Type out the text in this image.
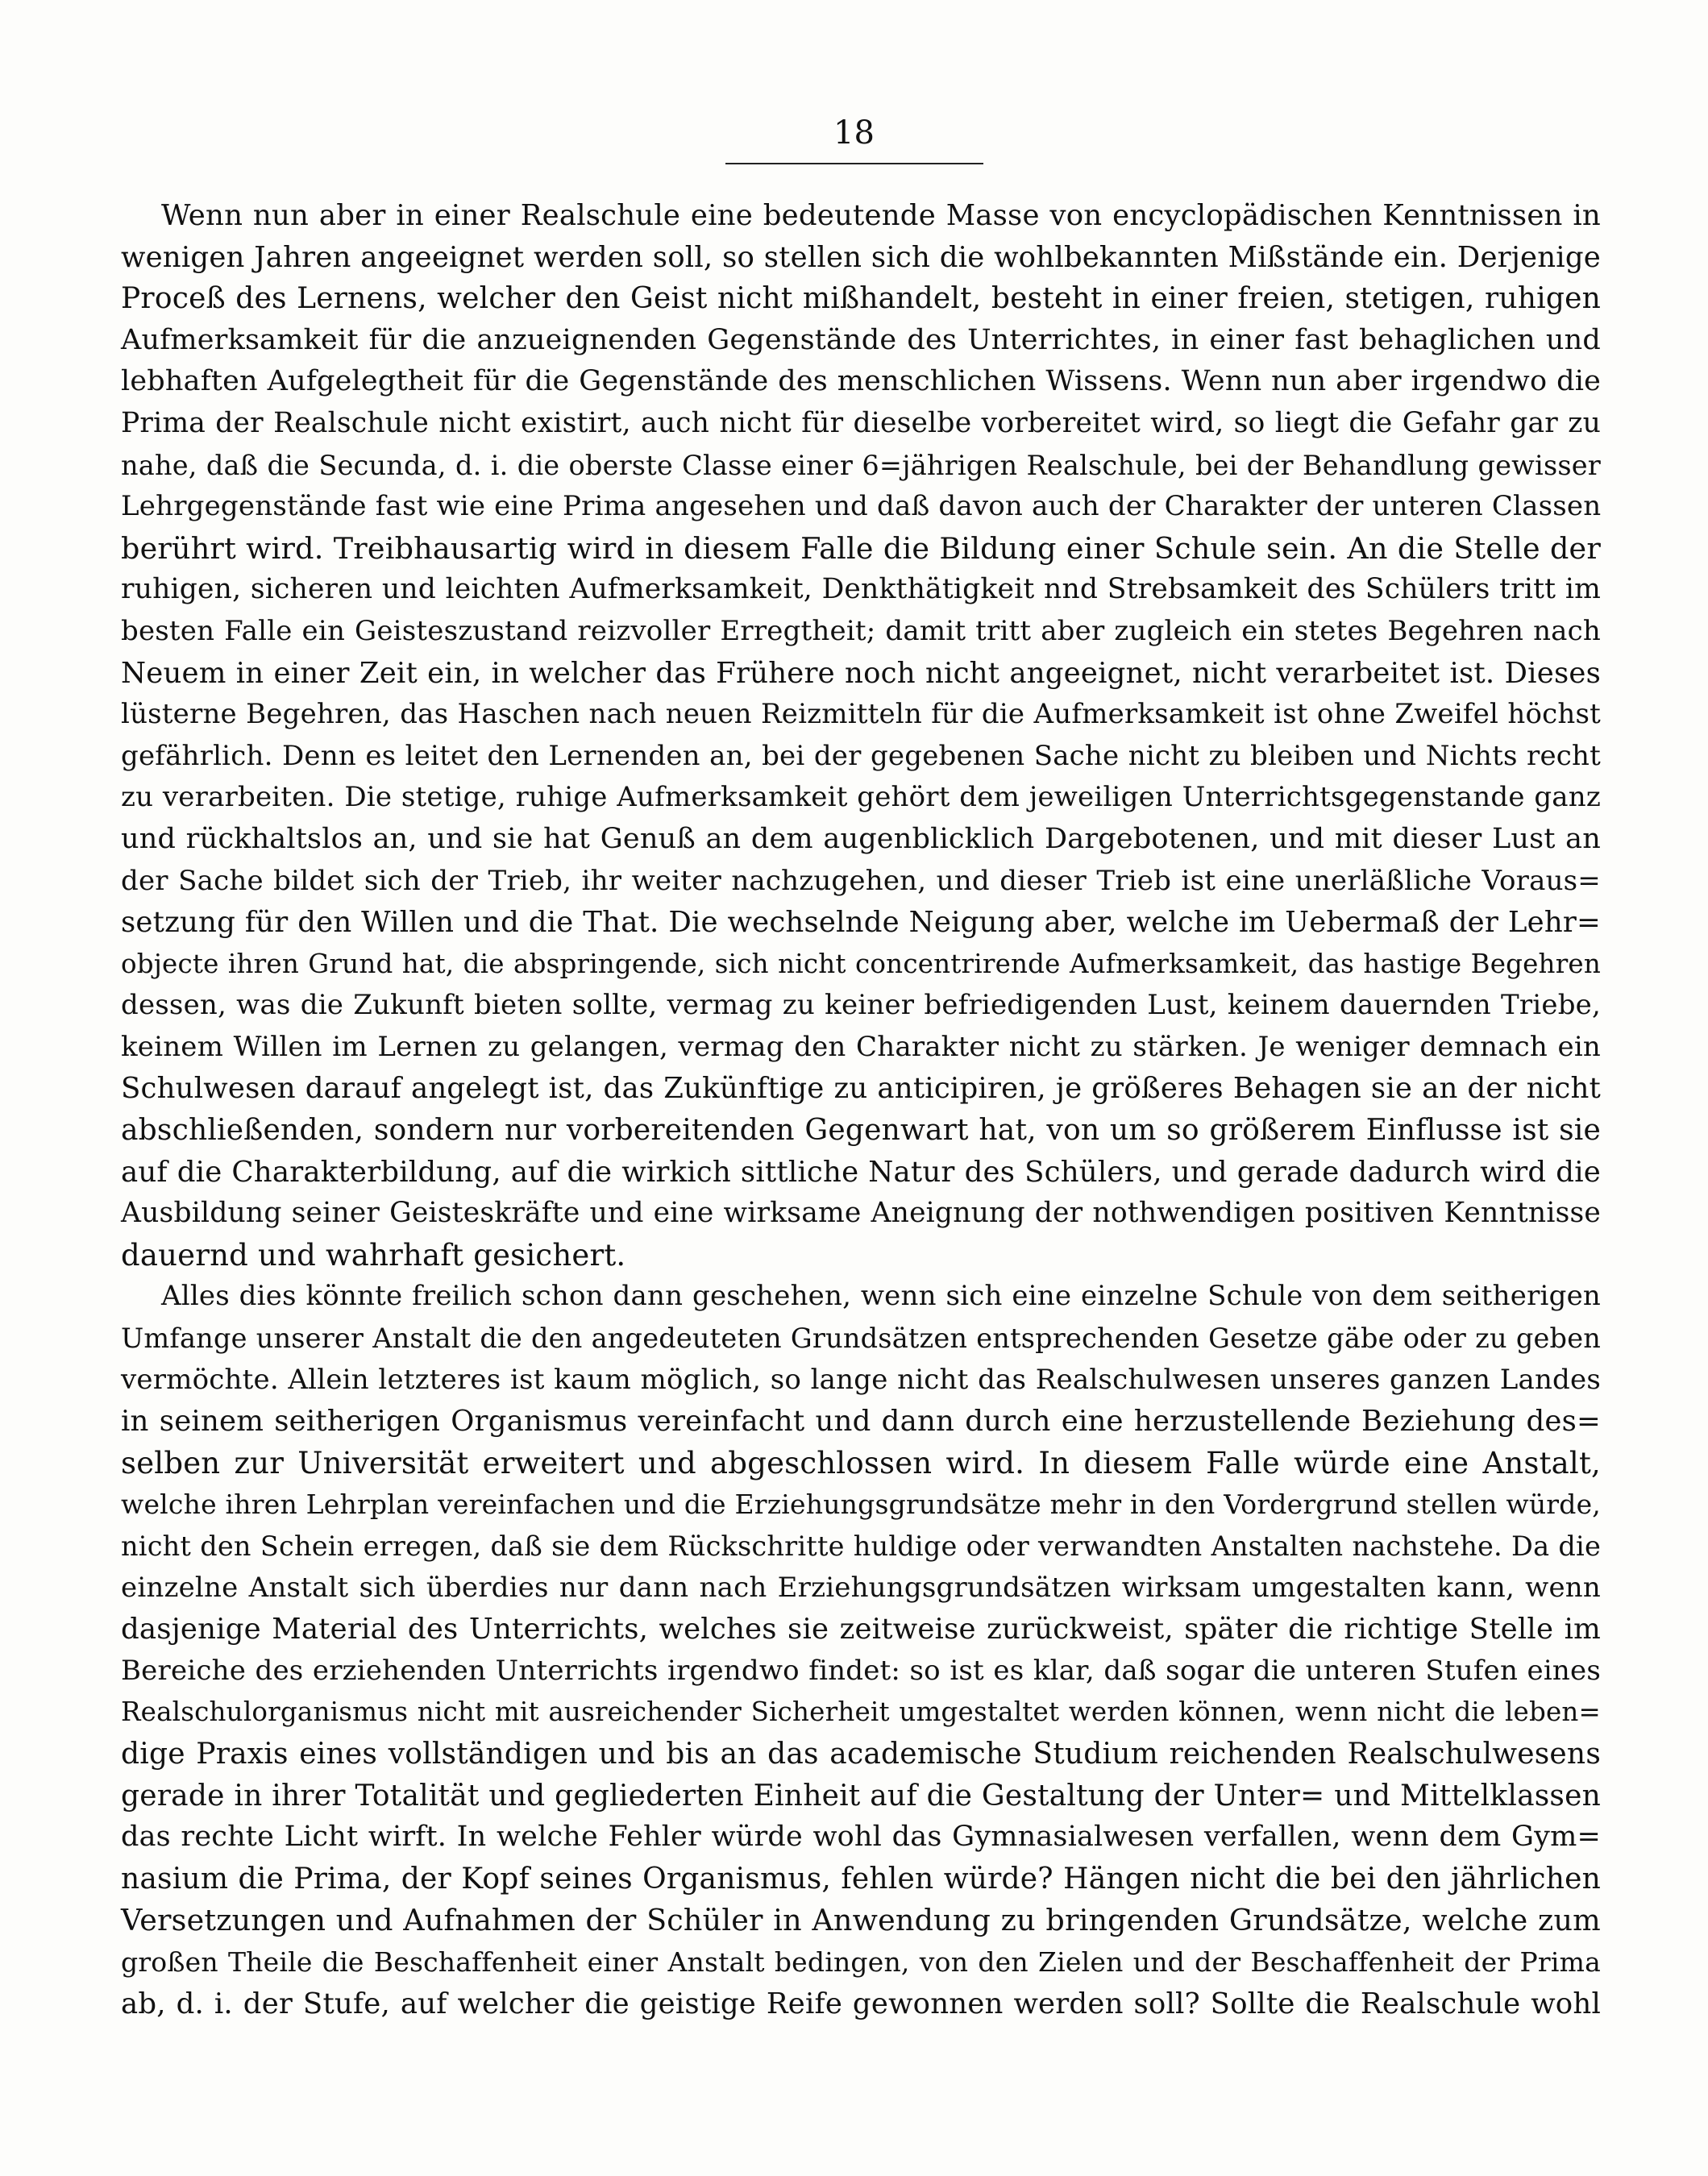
18
Wenn nun aber in einer Realschule eine bedeutende Masse von encyclopädischen Kenntnissen in
wenigen Jahren angeeignet werden soll, so stellen sich die wohlbekannten Mißstände ein. Derjenige
Proceß des Lernens, welcher den Geist nicht mißhandelt, besteht in einer freien, stetigen, ruhigen
Aufmerksamkeit für die anzueignenden Gegenstände des Unterrichtes, in einer fast behaglichen und
lebhaften Aufgelegtheit für die Gegenstände des menschlichen Wissens. Wenn nun aber irgendwo die
Prima der Realschule nicht existirt, auch nicht für dieselbe vorbereitet wird, so liegt die Gefahr gar zu
nahe, daß die Secunda, d. i. die oberste Classe einer 6=jährigen Realschule, bei der Behandlung gewisser
Lehrgegenstände fast wie eine Prima angesehen und daß davon auch der Charakter der unteren Classen
berührt wird. Treibhausartig wird in diesem Falle die Bildung einer Schule sein. An die Stelle der
ruhigen, sicheren und leichten Aufmerksamkeit, Denkthätigkeit nnd Strebsamkeit des Schülers tritt im
besten Falle ein Geisteszustand reizvoller Erregtheit; damit tritt aber zugleich ein stetes Begehren nach
Neuem in einer Zeit ein, in welcher das Frühere noch nicht angeeignet, nicht verarbeitet ist. Dieses
lüsterne Begehren, das Haschen nach neuen Reizmitteln für die Aufmerksamkeit ist ohne Zweifel höchst
gefährlich. Denn es leitet den Lernenden an, bei der gegebenen Sache nicht zu bleiben und Nichts recht
zu verarbeiten. Die stetige, ruhige Aufmerksamkeit gehört dem jeweiligen Unterrichtsgegenstande ganz
und rückhaltslos an, und sie hat Genuß an dem augenblicklich Dargebotenen, und mit dieser Lust an
der Sache bildet sich der Trieb, ihr weiter nachzugehen, und dieser Trieb ist eine unerläßliche Voraus=
setzung für den Willen und die That. Die wechselnde Neigung aber, welche im Uebermaß der Lehr=
objecte ihren Grund hat, die abspringende, sich nicht concentrirende Aufmerksamkeit, das hastige Begehren
dessen, was die Zukunft bieten sollte, vermag zu keiner befriedigenden Lust, keinem dauernden Triebe,
keinem Willen im Lernen zu gelangen, vermag den Charakter nicht zu stärken. Je weniger demnach ein
Schulwesen darauf angelegt ist, das Zukünftige zu anticipiren, je größeres Behagen sie an der nicht
abschließenden, sondern nur vorbereitenden Gegenwart hat, von um so größerem Einflusse ist sie
auf die Charakterbildung, auf die wirkich sittliche Natur des Schülers, und gerade dadurch wird die
Ausbildung seiner Geisteskräfte und eine wirksame Aneignung der nothwendigen positiven Kenntnisse
dauernd und wahrhaft gesichert.
Alles dies könnte freilich schon dann geschehen, wenn sich eine einzelne Schule von dem seitherigen
Umfange unserer Anstalt die den angedeuteten Grundsätzen entsprechenden Gesetze gäbe oder zu geben
vermöchte. Allein letzteres ist kaum möglich, so lange nicht das Realschulwesen unseres ganzen Landes
in seinem seitherigen Organismus vereinfacht und dann durch eine herzustellende Beziehung des=
selben zur Universität erweitert und abgeschlossen wird. In diesem Falle würde eine Anstalt,
welche ihren Lehrplan vereinfachen und die Erziehungsgrundsätze mehr in den Vordergrund stellen würde,
nicht den Schein erregen, daß sie dem Rückschritte huldige oder verwandten Anstalten nachstehe. Da die
einzelne Anstalt sich überdies nur dann nach Erziehungsgrundsätzen wirksam umgestalten kann, wenn
dasjenige Material des Unterrichts, welches sie zeitweise zurückweist, später die richtige Stelle im
Bereiche des erziehenden Unterrichts irgendwo findet: so ist es klar, daß sogar die unteren Stufen eines
Realschulorganismus nicht mit ausreichender Sicherheit umgestaltet werden können, wenn nicht die leben=
dige Praxis eines vollständigen und bis an das academische Studium reichenden Realschulwesens
gerade in ihrer Totalität und gegliederten Einheit auf die Gestaltung der Unter= und Mittelklassen
das rechte Licht wirft. In welche Fehler würde wohl das Gymnasialwesen verfallen, wenn dem Gym=
nasium die Prima, der Kopf seines Organismus, fehlen würde? Hängen nicht die bei den jährlichen
Versetzungen und Aufnahmen der Schüler in Anwendung zu bringenden Grundsätze, welche zum
großen Theile die Beschaffenheit einer Anstalt bedingen, von den Zielen und der Beschaffenheit der Prima
ab, d. i. der Stufe, auf welcher die geistige Reife gewonnen werden soll? Sollte die Realschule wohl
